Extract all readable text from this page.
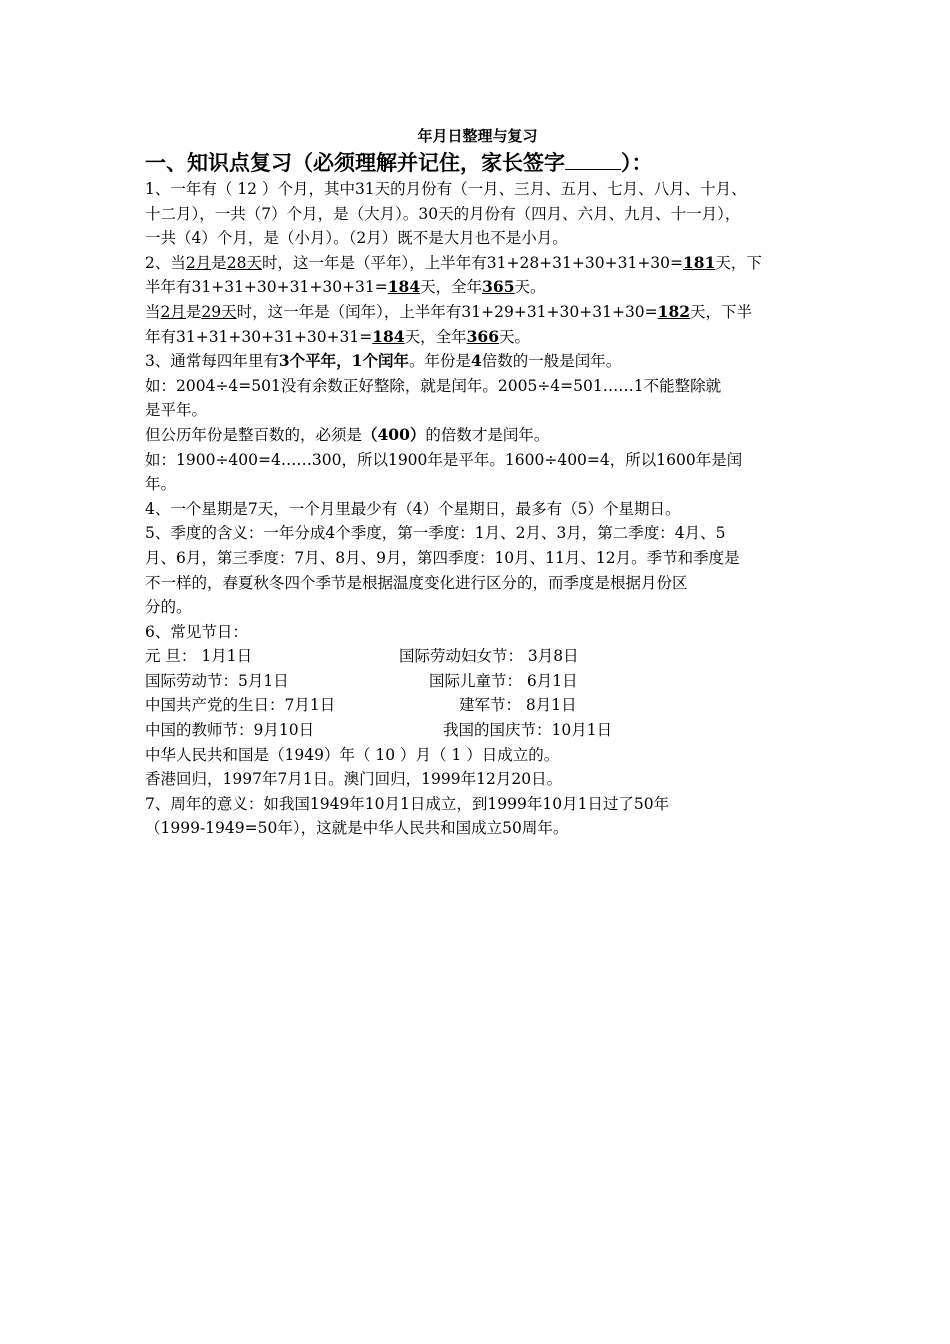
年月日整理与复习
一、知识点复习（必须理解并记住，家长签字	）：
1、一年有（ 12 ）个月，其中31天的月份有（一月、三月、五月、七月、八月、十月、
十二月），一共（7）个月，是（大月）。30天的月份有（四月、六月、九月、十一月），
一共（4）个月，是（小月）。（2月）既不是大月也不是小月。
2、当2月是28天时，这一年是（平年），上半年有31+28+31+30+31+30=181天，下
半年有31+31+30+31+30+31=184天，全年365天。
当2月是29天时，这一年是（闰年），上半年有31+29+31+30+31+30=182天，下半
年有31+31+30+31+30+31=184天，全年366天。
3、通常每四年里有3个平年，1个闰年。年份是4倍数的一般是闰年。
如：2004÷4=501没有余数正好整除，就是闰年。2005÷4=501……1不能整除就
是平年。
但公历年份是整百数的，必须是（400）的倍数才是闰年。
如：1900÷400=4……300，所以1900年是平年。1600÷400=4，所以1600年是闰
年。
4、一个星期是7天，一个月里最少有（4）个星期日，最多有（5）个星期日。
5、季度的含义：一年分成4个季度，第一季度：1月、2月、3月，第二季度：4月、5
月、6月，第三季度：7月、8月、9月，第四季度：10月、11月、12月。季节和季度是
不一样的，春夏秋冬四个季节是根据温度变化进行区分的，而季度是根据月份区
分的。
6、常见节日：
元 旦： 1月1日	国际劳动妇女节： 3月8日
国际劳动节：5月1日	国际儿童节： 6月1日
中国共产党的生日：7月1日	建军节： 8月1日
中国的教师节：9月10日	我国的国庆节：10月1日
中华人民共和国是（1949）年（ 10 ）月（ 1 ）日成立的。
香港回归，1997年7月1日。澳门回归，1999年12月20日。
7、周年的意义：如我国1949年10月1日成立，到1999年10月1日过了50年
（1999-1949=50年），这就是中华人民共和国成立50周年。
